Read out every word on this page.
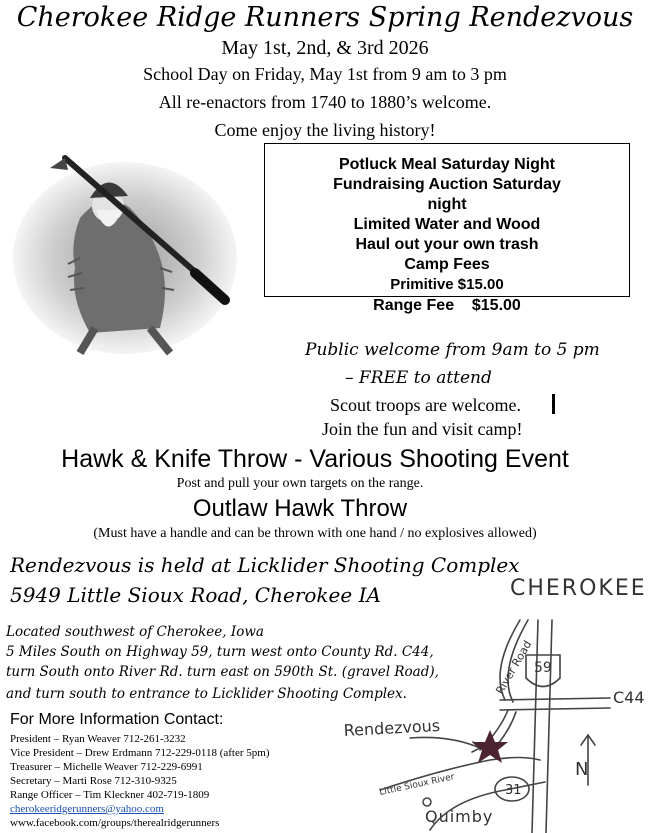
Cherokee Ridge Runners Spring Rendezvous
May 1st, 2nd, & 3rd 2026
School Day on Friday, May 1st from 9 am to 3 pm
All re-enactors from 1740 to 1880’s welcome.
Come enjoy the living history!
Potluck Meal Saturday Night
Fundraising Auction Saturday
night
Limited Water and Wood
Haul out your own trash
Camp Fees
Primitive $15.00
Range Fee    $15.00
Public welcome from 9am to 5 pm
– FREE to attend
Scout troops are welcome.
Join the fun and visit camp!
Hawk & Knife Throw - Various Shooting Event
Post and pull your own targets on the range.
Outlaw Hawk Throw
(Must have a handle and can be thrown with one hand / no explosives allowed)
Rendezvous is held at Licklider Shooting Complex
5949 Little Sioux Road, Cherokee IA
Located southwest of Cherokee, Iowa
5 Miles South on Highway 59, turn west onto County Rd. C44,
turn South onto River Rd. turn east on 590th St. (gravel Road),
and turn south to entrance to Licklider Shooting Complex.
For More Information Contact:
President – Ryan Weaver 712-261-3232
Vice President – Drew Erdmann 712-229-0118 (after 5pm)
Treasurer – Michelle Weaver 712-229-6991
Secretary – Marti Rose 712-310-9325
Range Officer – Tim Kleckner 402-719-1809
cherokeeridgerunners@yahoo.com
www.facebook.com/groups/therealridgerunners
CHEROKEE
River Road 59
C44
Rendezvous
Little Sioux River	31
Quimby
N
